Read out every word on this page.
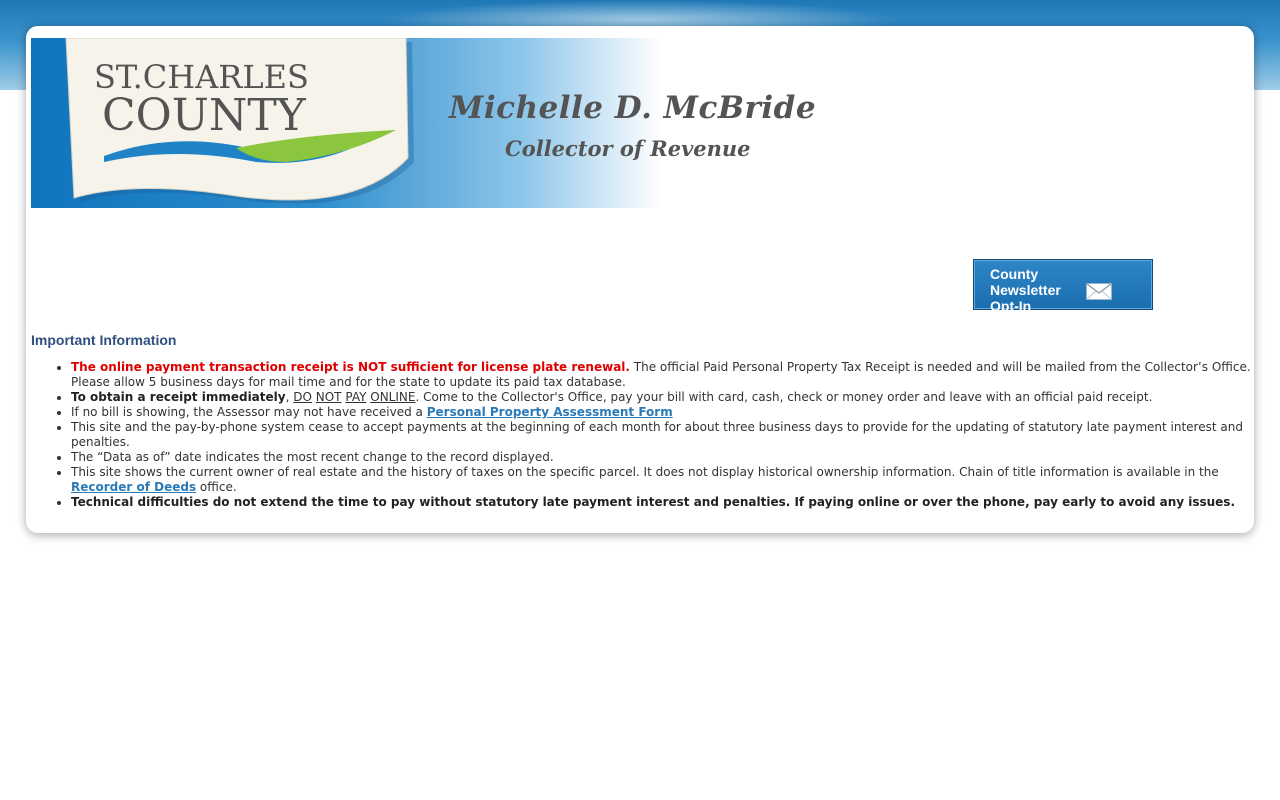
ST.CHARLES
COUNTY	Michelle D. McBride
Collector of Revenue
County Newsletter
Opt-In
Important Information
• The online payment transaction receipt is NOT sufficient for license plate renewal. The official Paid Personal Property Tax Receipt is needed and will be mailed from the Collector’s Office. Please allow 5 business days for mail time and for the state to update its paid tax database.
• To obtain a receipt immediately, DO NOT PAY ONLINE. Come to the Collector's Office, pay your bill with card, cash, check or money order and leave with an official paid receipt.
• If no bill is showing, the Assessor may not have received a Personal Property Assessment Form
• This site and the pay-by-phone system cease to accept payments at the beginning of each month for about three business days to provide for the updating of statutory late payment interest and penalties.
• The “Data as of” date indicates the most recent change to the record displayed.
• This site shows the current owner of real estate and the history of taxes on the specific parcel. It does not display historical ownership information. Chain of title information is available in the Recorder of Deeds office.
• Technical difficulties do not extend the time to pay without statutory late payment interest and penalties. If paying online or over the phone, pay early to avoid any issues.
